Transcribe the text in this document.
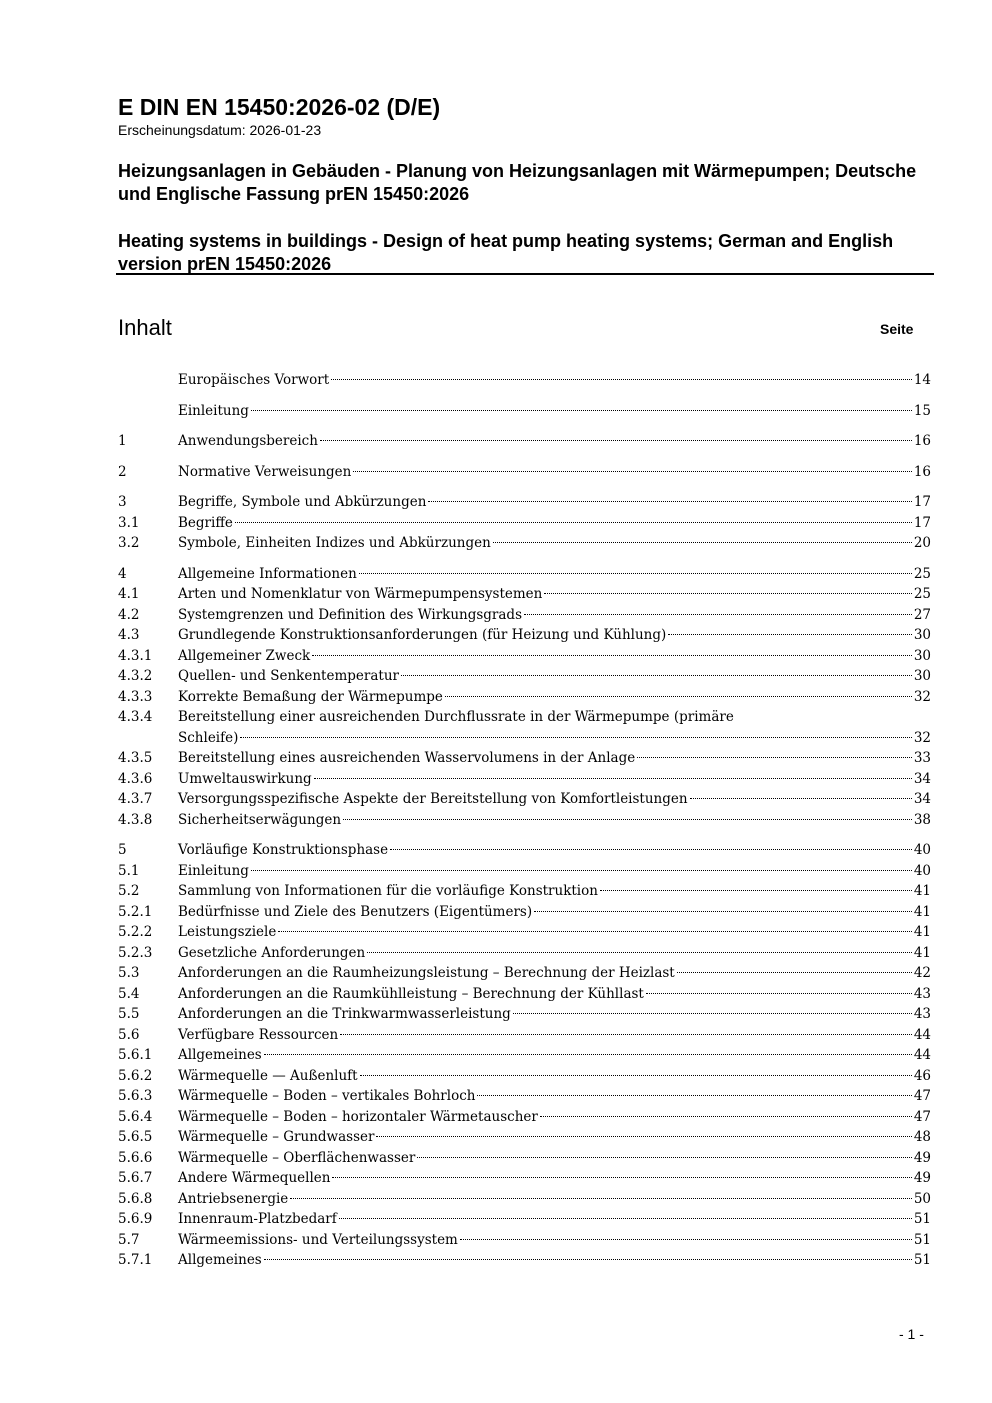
E DIN EN 15450:2026-02 (D/E)
Erscheinungsdatum: 2026-01-23
Heizungsanlagen in Gebäuden - Planung von Heizungsanlagen mit Wärmepumpen; Deutsche und Englische Fassung prEN 15450:2026
Heating systems in buildings - Design of heat pump heating systems; German and English version prEN 15450:2026
Inhalt	Seite
Europäisches Vorwort	14
Einleitung	15
1	Anwendungsbereich	16
2	Normative Verweisungen	16
3	Begriffe, Symbole und Abkürzungen	17
3.1	Begriffe	17
3.2	Symbole, Einheiten Indizes und Abkürzungen	20
4	Allgemeine Informationen	25
4.1	Arten und Nomenklatur von Wärmepumpensystemen	25
4.2	Systemgrenzen und Definition des Wirkungsgrads	27
4.3	Grundlegende Konstruktionsanforderungen (für Heizung und Kühlung)	30
4.3.1	Allgemeiner Zweck	30
4.3.2	Quellen- und Senkentemperatur	30
4.3.3	Korrekte Bemaßung der Wärmepumpe	32
4.3.4	Bereitstellung einer ausreichenden Durchflussrate in der Wärmepumpe (primäre
Schleife)	32
4.3.5	Bereitstellung eines ausreichenden Wasservolumens in der Anlage	33
4.3.6	Umweltauswirkung	34
4.3.7	Versorgungsspezifische Aspekte der Bereitstellung von Komfortleistungen	34
4.3.8	Sicherheitserwägungen	38
5	Vorläufige Konstruktionsphase	40
5.1	Einleitung	40
5.2	Sammlung von Informationen für die vorläufige Konstruktion	41
5.2.1	Bedürfnisse und Ziele des Benutzers (Eigentümers)	41
5.2.2	Leistungsziele	41
5.2.3	Gesetzliche Anforderungen	41
5.3	Anforderungen an die Raumheizungsleistung – Berechnung der Heizlast	42
5.4	Anforderungen an die Raumkühlleistung – Berechnung der Kühllast	43
5.5	Anforderungen an die Trinkwarmwasserleistung	43
5.6	Verfügbare Ressourcen	44
5.6.1	Allgemeines	44
5.6.2	Wärmequelle — Außenluft	46
5.6.3	Wärmequelle – Boden – vertikales Bohrloch	47
5.6.4	Wärmequelle – Boden – horizontaler Wärmetauscher	47
5.6.5	Wärmequelle – Grundwasser	48
5.6.6	Wärmequelle – Oberflächenwasser	49
5.6.7	Andere Wärmequellen	49
5.6.8	Antriebsenergie	50
5.6.9	Innenraum-Platzbedarf	51
5.7	Wärmeemissions- und Verteilungssystem	51
5.7.1	Allgemeines	51
- 1 -
